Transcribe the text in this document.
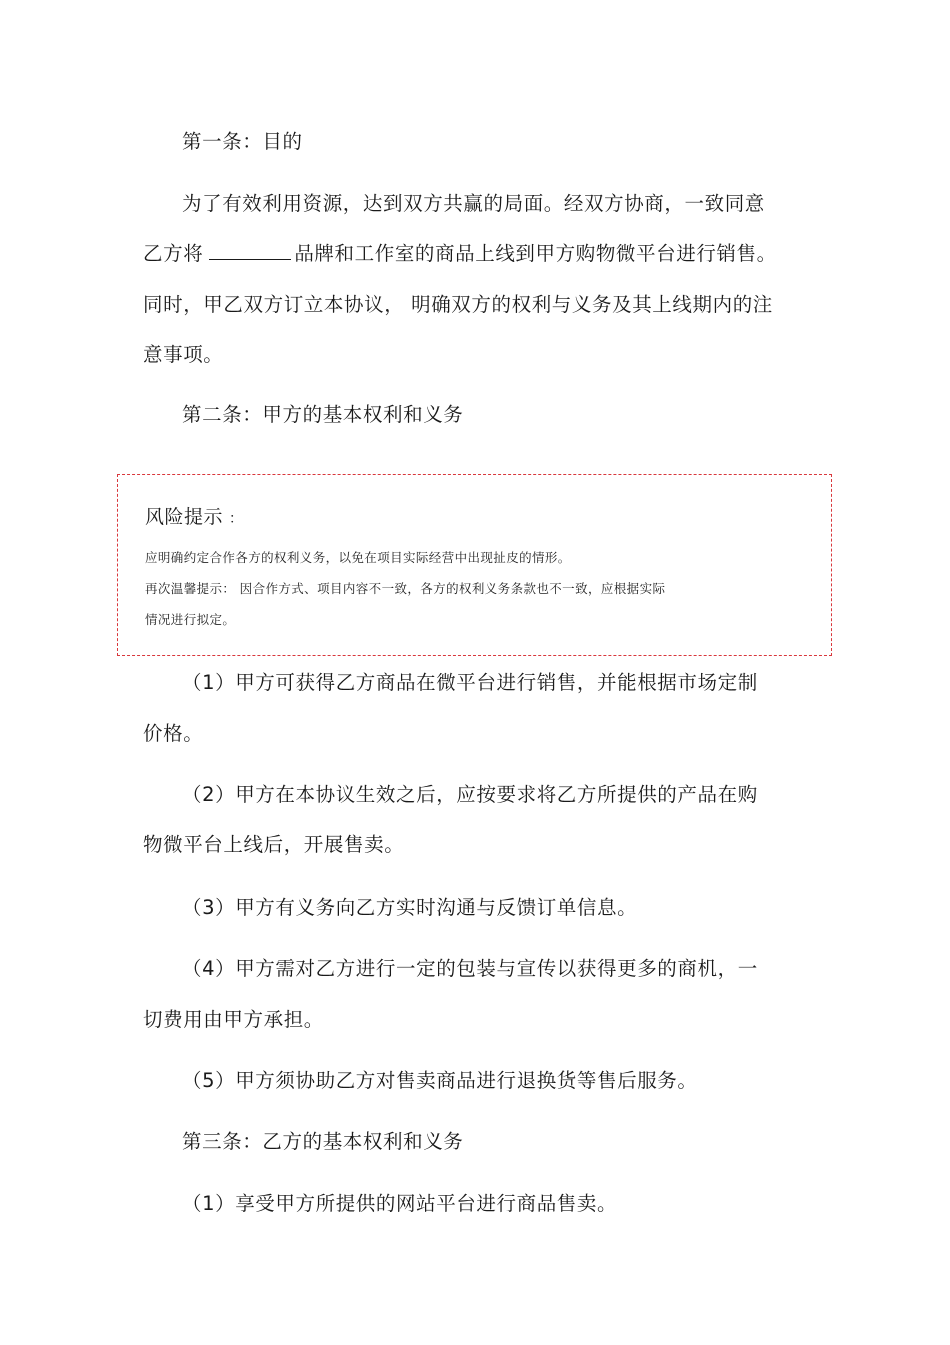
第一条：目的
为了有效利用资源，达到双方共赢的局面。经双方协商，一致同意
乙方将	品牌和工作室的商品上线到甲方购物微平台进行销售。
同时，甲乙双方订立本协议， 明确双方的权利与义务及其上线期内的注
意事项。
第二条：甲方的基本权利和义务
风险提示 ：
应明确约定合作各方的权利义务，以免在项目实际经营中出现扯皮的情形。
再次温馨提示： 因合作方式、项目内容不一致，各方的权利义务条款也不一致，应根据实际
情况进行拟定。
（1）甲方可获得乙方商品在微平台进行销售，并能根据市场定制
价格。
（2）甲方在本协议生效之后，应按要求将乙方所提供的产品在购
物微平台上线后，开展售卖。
（3）甲方有义务向乙方实时沟通与反馈订单信息。
（4）甲方需对乙方进行一定的包装与宣传以获得更多的商机，一
切费用由甲方承担。
（5）甲方须协助乙方对售卖商品进行退换货等售后服务。
第三条：乙方的基本权利和义务
（1）享受甲方所提供的网站平台进行商品售卖。
